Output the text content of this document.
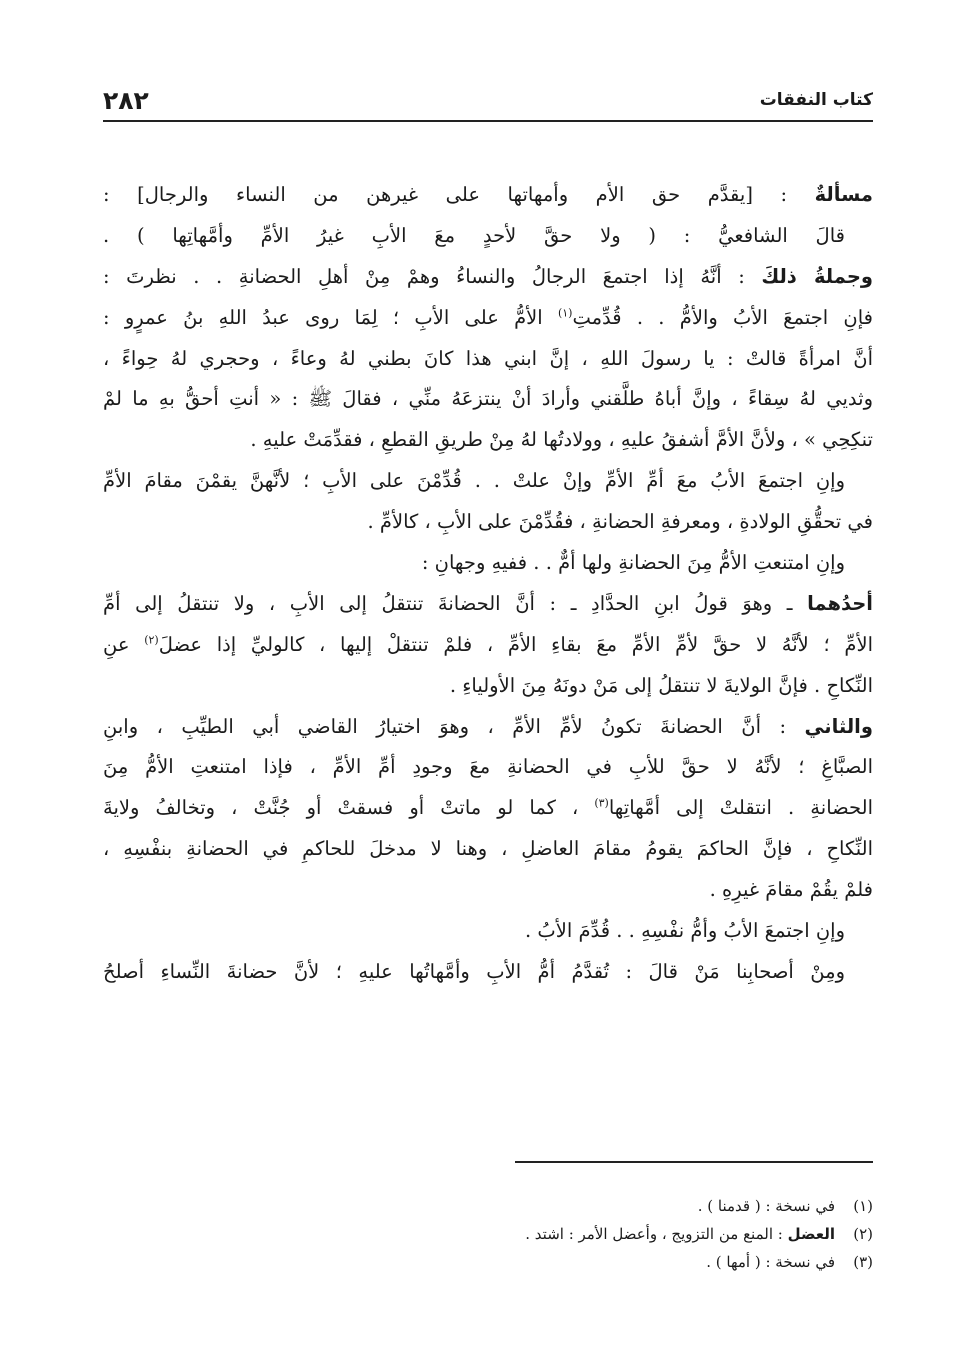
كتاب النفقات
٢٨٢
مسألةٌ : [يقدَّم حق الأم وأمهاتها على غيرهن من النساء والرجال] :
قالَ الشافعيُّ : ( ولا حقَّ لأحدٍ معَ الأبِ غيرُ الأمِّ وأمَّهاتِها ) .
وجملةُ ذلكَ : أنَّهُ إذا اجتمعَ الرجالُ والنساءُ وهمْ مِنْ أهلِ الحضانةِ . . نظرتَ :
فإنِ اجتمعَ الأبُ والأمُّ . . قُدِّمتِ$^{(١)}$ الأمُّ على الأبِ ؛ لِمَا روى عبدُ اللهِ بنُ عمرٍو :
أنَّ امرأةً قالتْ : يا رسولَ اللهِ ، إنَّ ابني هذا كانَ بطني لهُ وعاءً ، وحجري لهُ حِواءً ،
وثديي لهُ سِقاءً ، وإنَّ أباهُ طلَّقني وأرادَ أنْ ينتزعَهُ منِّي ، فقالَ ﷺ : « أنتِ أحقُّ بهِ ما لمْ
تنكِحِي » ، ولأنَّ الأمَّ أشفقُ عليهِ ، وولادتُها لهُ مِنْ طريقِ القطعِ ، فقدِّمَتْ عليهِ .
وإنِ اجتمعَ الأبُ معَ أمِّ الأمِّ وإنْ علتْ . . قُدِّمْنَ على الأبِ ؛ لأنَّهنَّ يقمْنَ مقامَ الأمِّ
في تحقُّقِ الولادةِ ، ومعرفةِ الحضانةِ ، فقُدِّمْنَ على الأبِ ، كالأمِّ .
وإنِ امتنعتِ الأمُّ مِنَ الحضانةِ ولها أمٌّ . . ففيهِ وجهانِ :
أحدُهما ـ وهوَ قولُ ابنِ الحدَّادِ ـ : أنَّ الحضانةَ تنتقلُ إلى الأبِ ، ولا تنتقلُ إلى أمِّ
الأمِّ ؛ لأنَّهُ لا حقَّ لأمِّ الأمِّ معَ بقاءِ الأمِّ ، فلمْ تنتقلْ إليها ، كالوليِّ إذا عضلَ$^{(٢)}$ عنِ
النِّكاحِ . فإنَّ الولايةَ لا تنتقلُ إلى مَنْ دونَهُ مِنَ الأولياءِ .
والثاني : أنَّ الحضانةَ تكونُ لأمِّ الأمِّ ، وهوَ اختيارُ القاضي أبي الطيِّبِ ، وابنِ
الصبَّاغِ ؛ لأنَّهُ لا حقَّ للأبِ في الحضانةِ معَ وجودِ أمِّ الأمِّ ، فإذا امتنعتِ الأمُّ مِنَ
الحضانةِ . انتقلتْ إلى أمَّهاتِها$^{(٣)}$ ، كما لو ماتتْ أو فسقتْ أو جُنَّتْ ، وتخالفُ ولايةَ
النِّكاحِ ، فإنَّ الحاكمَ يقومُ مقامَ العاضلِ ، وهنا لا مدخلَ للحاكمِ في الحضانةِ بنفْسِهِ ،
فلمْ يقُمْ مقامَ غيرِهِ .
وإنِ اجتمعَ الأبُ وأمُّ نفْسِهِ . . قُدِّمَ الأبُ .
ومِنْ أصحابِنا مَنْ قالَ : تُقدَّمُ أمُّ الأبِ وأمَّهاتُها عليهِ ؛ لأنَّ حضانةَ النِّساءِ أصلحُ
(١)في نسخة : ( قدمنا ) .
(٢)العضل : المنع من التزويج ، وأعضل الأمر : اشتد .
(٣)في نسخة : ( أمها ) .
